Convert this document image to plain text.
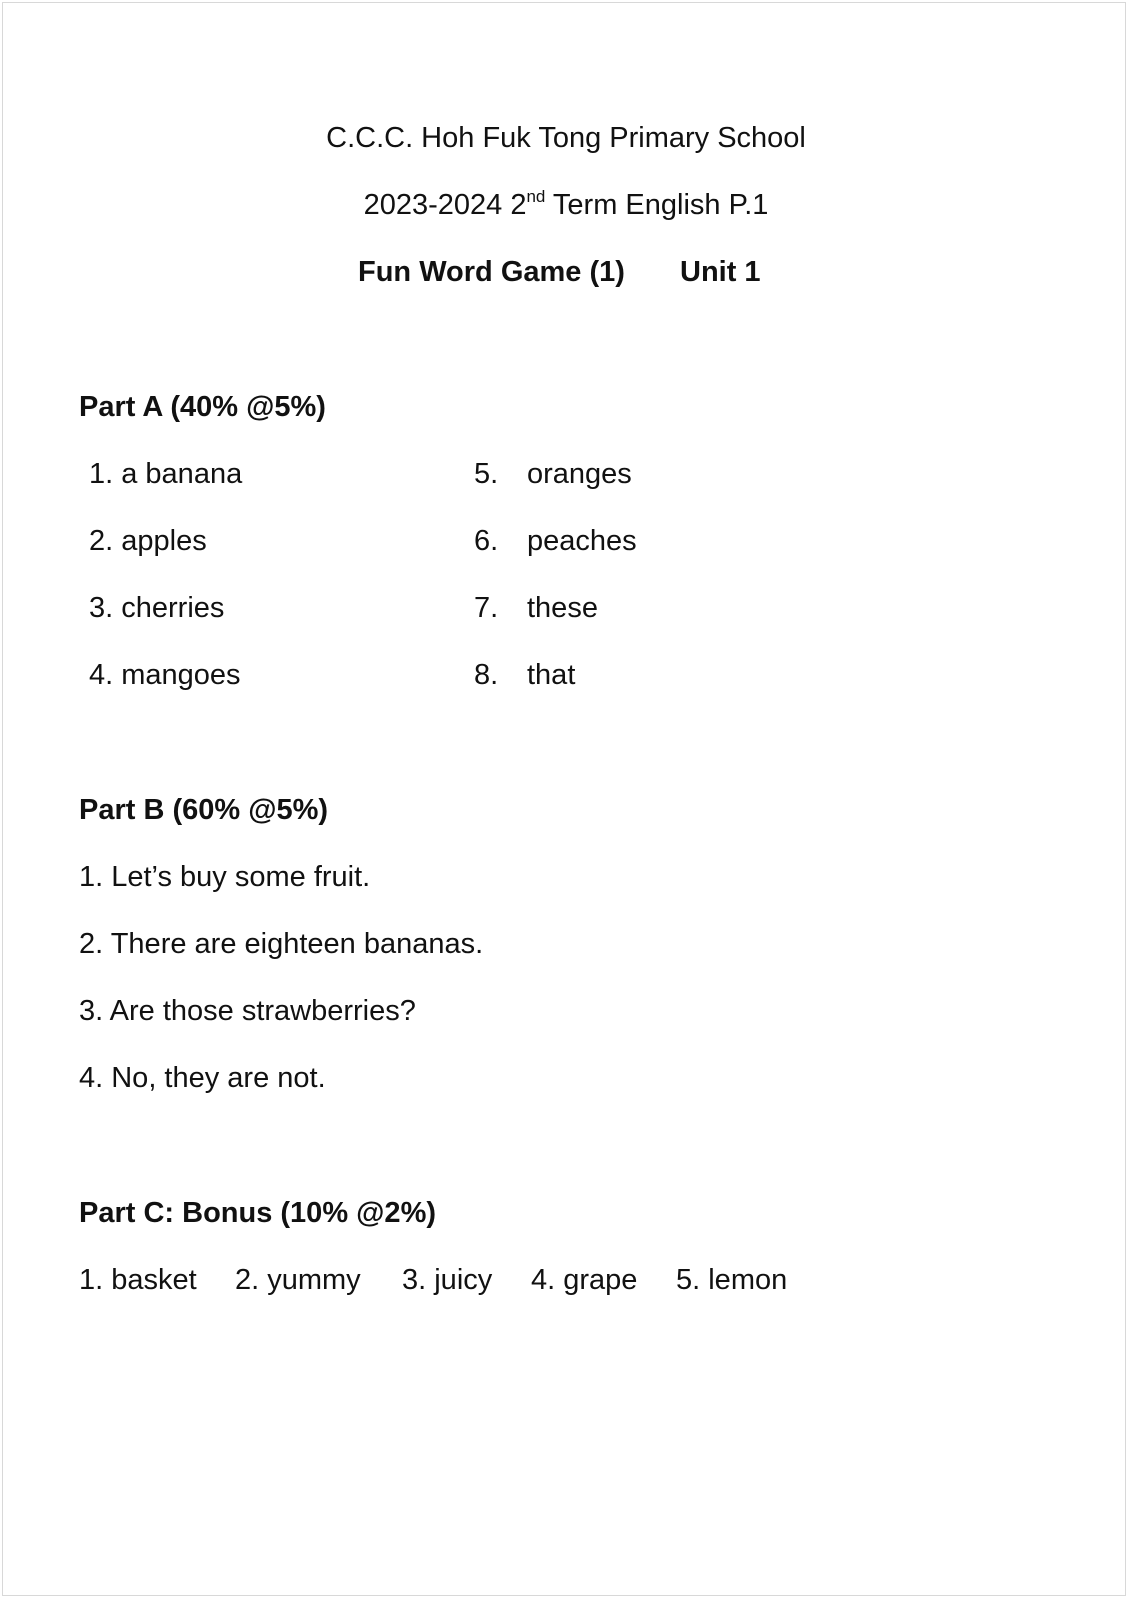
C.C.C. Hoh Fuk Tong Primary School
2023-2024 2nd Term English P.1
Fun Word Game (1) Unit 1
Part A (40% @5%)
1. a banana
2. apples
3. cherries
4. mangoes
5. oranges
6. peaches
7. these
8. that
Part B (60% @5%)
1. Let’s buy some fruit.
2. There are eighteen bananas.
3. Are those strawberries?
4. No, they are not.
Part C: Bonus (10% @2%)
1. basket 2. yummy 3. juicy 4. grape 5. lemon
